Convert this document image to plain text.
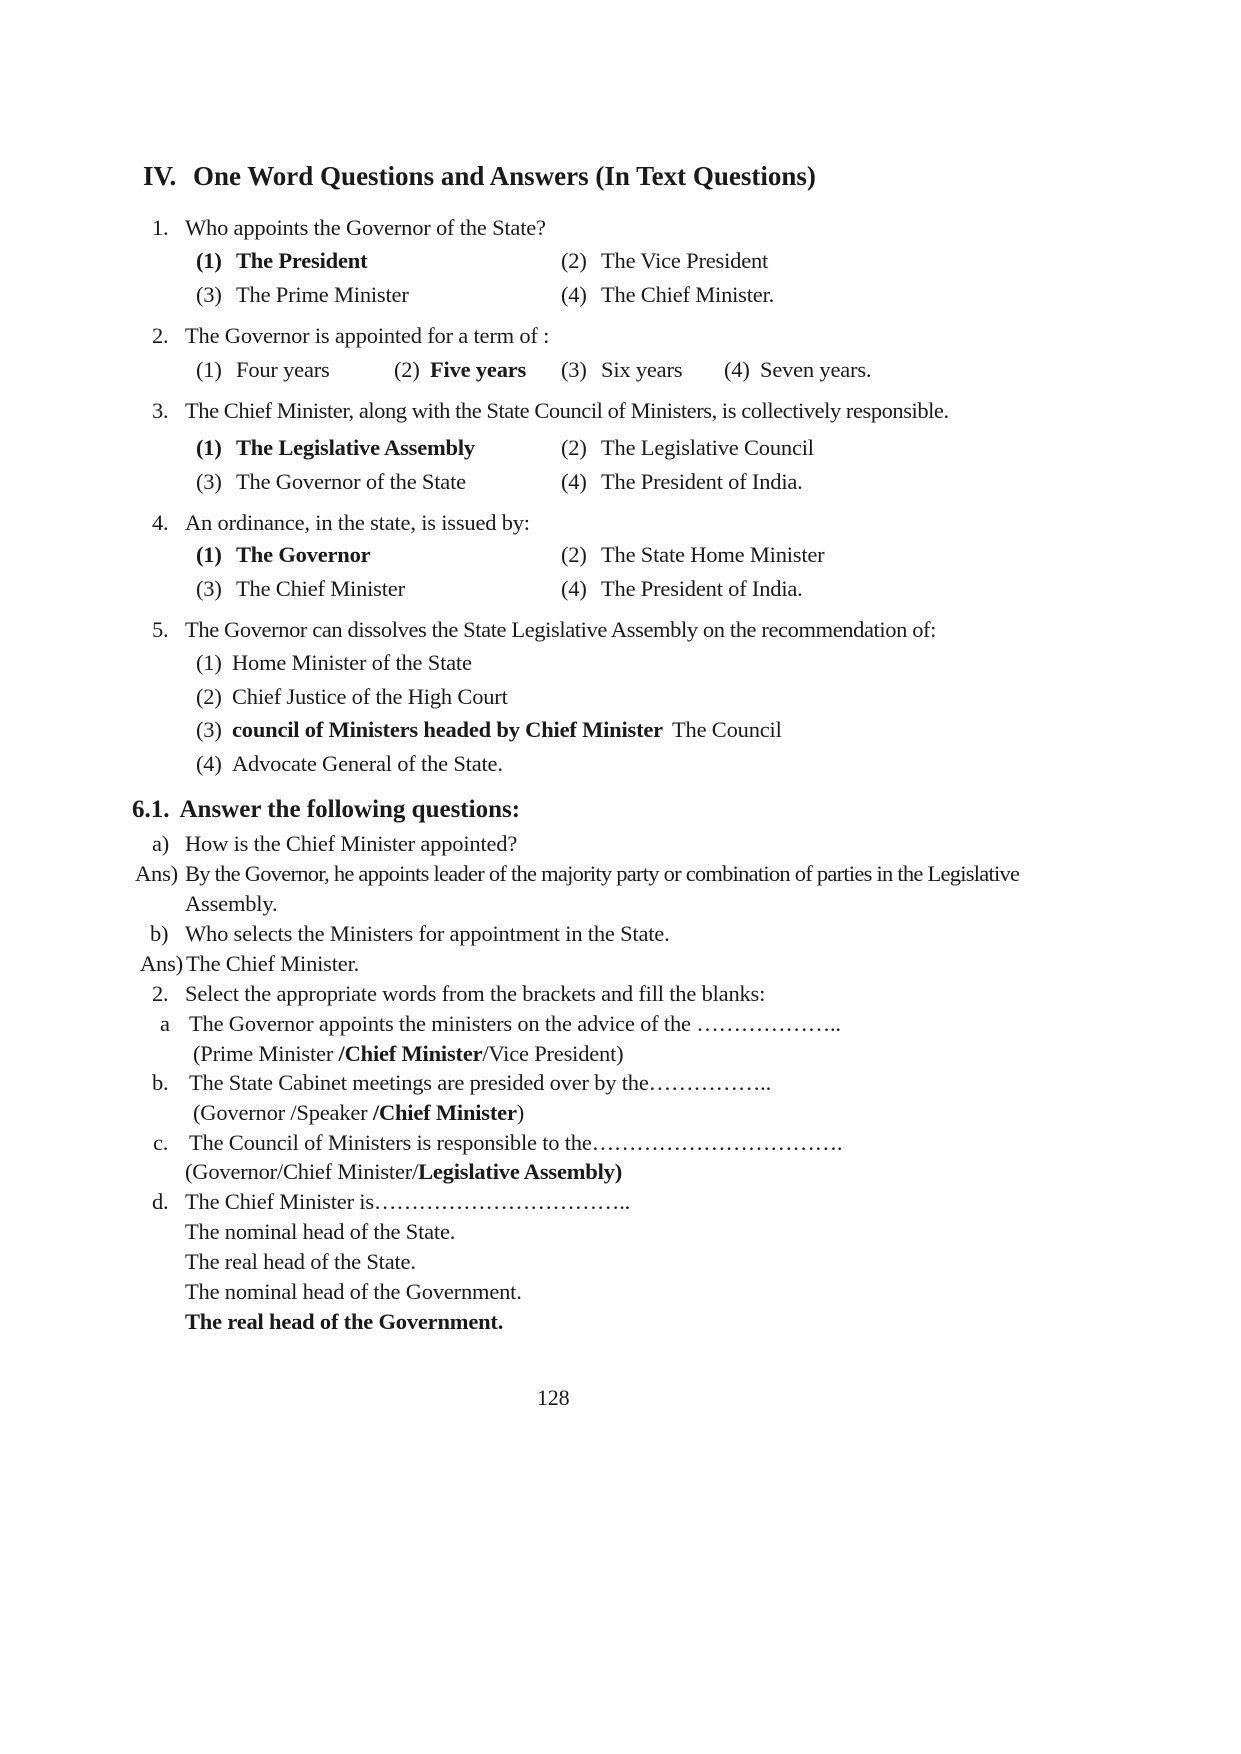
IV. One Word Questions and Answers (In Text Questions)
1. Who appoints the Governor of the State?
(1) The President	(2) The Vice President
(3) The Prime Minister	(4) The Chief Minister.
2. The Governor is appointed for a term of :
(1) Four years	(2) Five years (3) Six years (4) Seven years.
3. The Chief Minister, along with the State Council of Ministers, is collectively responsible.
(1) The Legislative Assembly	(2) The Legislative Council
(3) The Governor of the State	(4) The President of India.
4. An ordinance, in the state, is issued by:
(1) The Governor	(2) The State Home Minister
(3) The Chief Minister	(4) The President of India.
5. The Governor can dissolves the State Legislative Assembly on the recommendation of:
(1) Home Minister of the State
(2) Chief Justice of the High Court
(3) council of Ministers headed by Chief Minister The Council
(4) Advocate General of the State.
6.1. Answer the following questions:
a) How is the Chief Minister appointed?
Ans) By the Governor, he appoints leader of the majority party or combination of parties in the Legislative
Assembly.
b) Who selects the Ministers for appointment in the State.
Ans) The Chief Minister.
2. Select the appropriate words from the brackets and fill the blanks:
a The Governor appoints the ministers on the advice of the ………………..
(Prime Minister /Chief Minister/Vice President)
b. The State Cabinet meetings are presided over by the……………..
(Governor /Speaker /Chief Minister)
c. The Council of Ministers is responsible to the…………………………….
(Governor/Chief Minister/Legislative Assembly)
d. The Chief Minister is……………………………..
The nominal head of the State.
The real head of the State.
The nominal head of the Government.
The real head of the Government.
128
